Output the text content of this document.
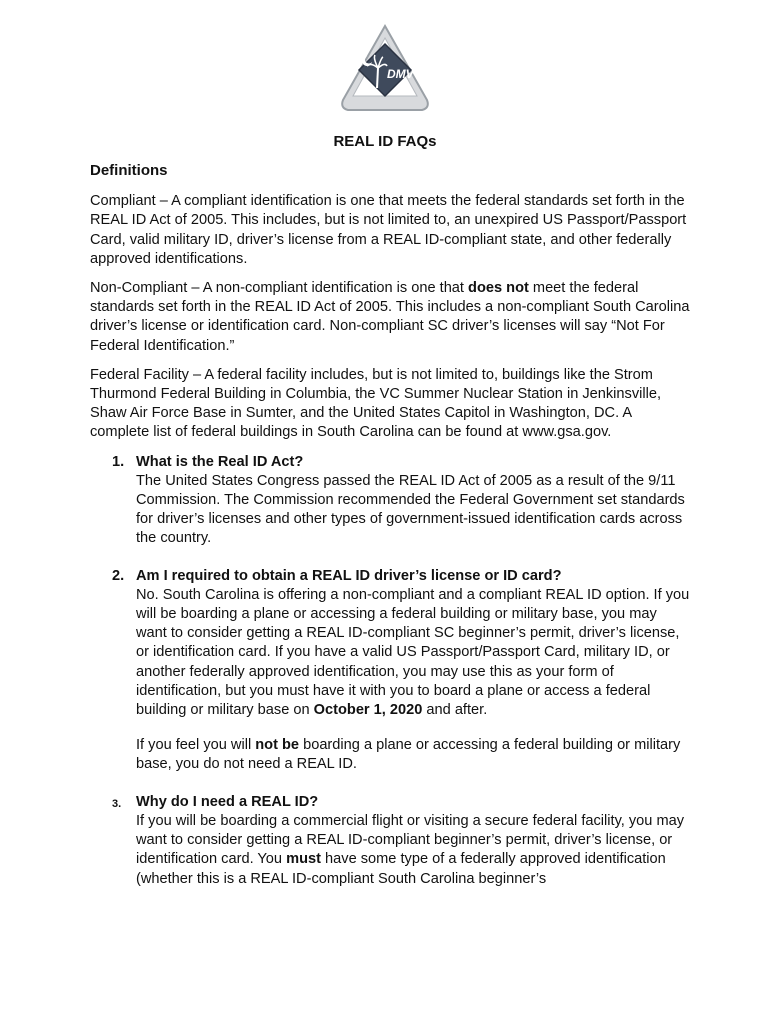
DMV
REAL ID FAQs

Definitions

Compliant – A compliant identification is one that meets the federal standards set forth in the REAL ID Act of 2005. This includes, but is not limited to, an unexpired US Passport/Passport Card, valid military ID, driver’s license from a REAL ID-compliant state, and other federally approved identifications.

Non-Compliant – A non-compliant identification is one that does not meet the federal standards set forth in the REAL ID Act of 2005. This includes a non-compliant South Carolina driver’s license or identification card. Non-compliant SC driver’s licenses will say “Not For Federal Identification.”

Federal Facility – A federal facility includes, but is not limited to, buildings like the Strom Thurmond Federal Building in Columbia, the VC Summer Nuclear Station in Jenkinsville, Shaw Air Force Base in Sumter, and the United States Capitol in Washington, DC. A complete list of federal buildings in South Carolina can be found at www.gsa.gov.

1. What is the Real ID Act?

The United States Congress passed the REAL ID Act of 2005 as a result of the 9/11 Commission. The Commission recommended the Federal Government set standards for driver’s licenses and other types of government-issued identification cards across the country.

2. Am I required to obtain a REAL ID driver’s license or ID card?

No. South Carolina is offering a non-compliant and a compliant REAL ID option. If you will be boarding a plane or accessing a federal building or military base, you may want to consider getting a REAL ID-compliant SC beginner’s permit, driver’s license, or identification card. If you have a valid US Passport/Passport Card, military ID, or another federally approved identification, you may use this as your form of identification, but you must have it with you to board a plane or access a federal building or military base on October 1, 2020 and after.

If you feel you will not be boarding a plane or accessing a federal building or military base, you do not need a REAL ID.

3. Why do I need a REAL ID?

If you will be boarding a commercial flight or visiting a secure federal facility, you may want to consider getting a REAL ID-compliant beginner’s permit, driver’s license, or identification card. You must have some type of a federally approved identification (whether this is a REAL ID-compliant South Carolina beginner’s
